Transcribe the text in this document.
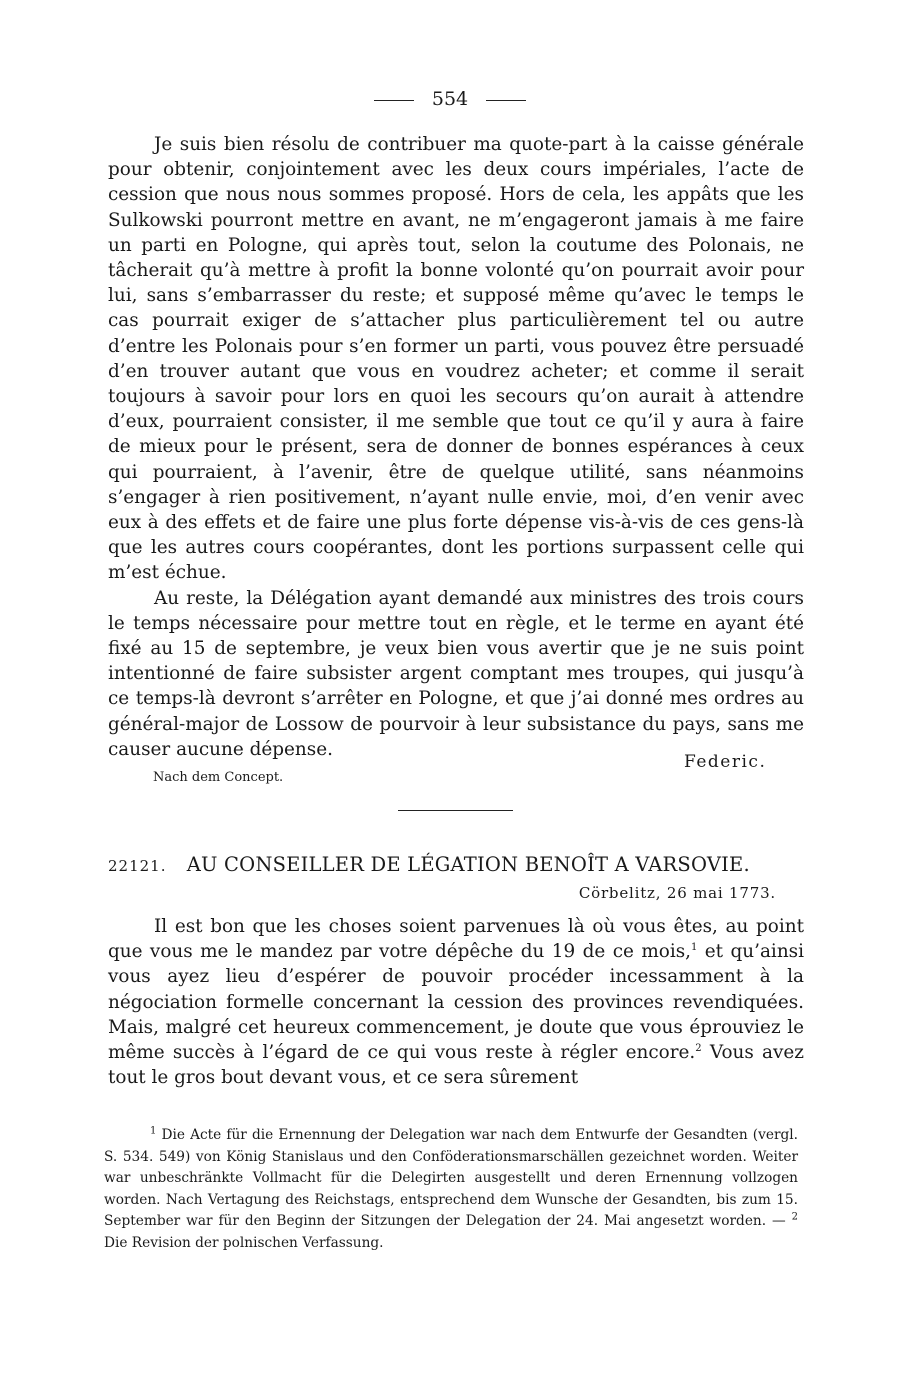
554

Je suis bien résolu de contribuer ma quote-part à la caisse générale pour obtenir, conjointement avec les deux cours impériales, l’acte de cession que nous nous sommes proposé. Hors de cela, les appâts que les Sulkowski pourront mettre en avant, ne m’engageront jamais à me faire un parti en Pologne, qui après tout, selon la coutume des Polonais, ne tâcherait qu’à mettre à profit la bonne volonté qu’on pourrait avoir pour lui, sans s’embarrasser du reste; et supposé même qu’avec le temps le cas pourrait exiger de s’attacher plus particulièrement tel ou autre d’entre les Polonais pour s’en former un parti, vous pouvez être persuadé d’en trouver autant que vous en voudrez acheter; et comme il serait toujours à savoir pour lors en quoi les secours qu’on aurait à attendre d’eux, pourraient consister, il me semble que tout ce qu’il y aura à faire de mieux pour le présent, sera de donner de bonnes espérances à ceux qui pourraient, à l’avenir, être de quelque utilité, sans néanmoins s’engager à rien positivement, n’ayant nulle envie, moi, d’en venir avec eux à des effets et de faire une plus forte dépense vis-à-vis de ces gens-là que les autres cours coopérantes, dont les portions surpassent celle qui m’est échue.

Au reste, la Délégation ayant demandé aux ministres des trois cours le temps nécessaire pour mettre tout en règle, et le terme en ayant été fixé au 15 de septembre, je veux bien vous avertir que je ne suis point intentionné de faire subsister argent comptant mes troupes, qui jusqu’à ce temps-là devront s’arrêter en Pologne, et que j’ai donné mes ordres au général-major de Lossow de pourvoir à leur subsistance du pays, sans me causer aucune dépense.

Federic.
Nach dem Concept.
22121. AU CONSEILLER DE LÉGATION BENOÎT A VARSOVIE.
Cörbelitz, 26 mai 1773.

Il est bon que les choses soient parvenues là où vous êtes, au point que vous me le mandez par votre dépêche du 19 de ce mois,$^1$ et qu’ainsi vous ayez lieu d’espérer de pouvoir procéder incessamment à la négociation formelle concernant la cession des provinces revendiquées. Mais, malgré cet heureux commencement, je doute que vous éprouviez le même succès à l’égard de ce qui vous reste à régler encore.$^2$ Vous avez tout le gros bout devant vous, et ce sera sûrement

$^1$ Die Acte für die Ernennung der Delegation war nach dem Entwurfe der Gesandten (vergl. S. 534. 549) von König Stanislaus und den Conföderationsmarschällen gezeichnet worden. Weiter war unbeschränkte Vollmacht für die Delegirten ausgestellt und deren Ernennung vollzogen worden. Nach Vertagung des Reichstags, entsprechend dem Wunsche der Gesandten, bis zum 15. September war für den Beginn der Sitzungen der Delegation der 24. Mai angesetzt worden. — $^2$ Die Revision der polnischen Verfassung.
